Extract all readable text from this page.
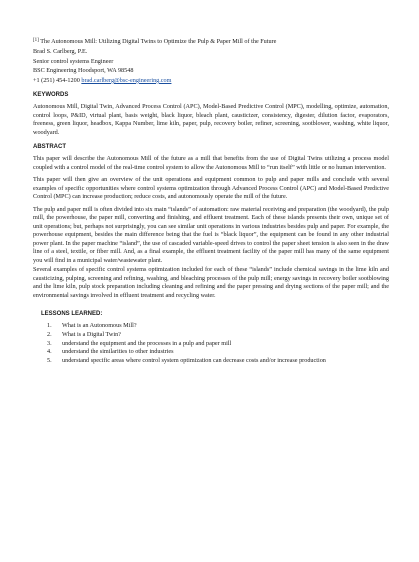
[1] The Autonomous Mill: Utilizing Digital Twins to Optimize the Pulp & Paper Mill of the Future
Brad S. Carlberg, P.E.
Senior control systems Engineer
BSC Engineering Hoodsport, WA 98548
+1 (251) 454-1200 brad.carlberg@bsc-engineering.com
KEYWORDS

Autonomous Mill, Digital Twin, Advanced Process Control (APC), Model-Based Predictive Control (MPC), modelling, optimize, automation, control loops, P&ID, virtual plant, basis weight, black liquor, bleach plant, causticizer, consistency, digester, dilution factor, evaporators, freeness, green liquor, headbox, Kappa Number, lime kiln, paper, pulp, recovery boiler, refiner, screening, sootblower, washing, white liquor, woodyard.

ABSTRACT

This paper will describe the Autonomous Mill of the future as a mill that benefits from the use of Digital Twins utilizing a process model coupled with a control model of the real-time control system to allow the Autonomous Mill to “run itself” with little or no human intervention.

This paper will then give an overview of the unit operations and equipment common to pulp and paper mills and conclude with several examples of specific opportunities where control systems optimization through Advanced Process Control (APC) and Model-Based Predictive Control (MPC) can increase production; reduce costs, and autonomously operate the mill of the future.

The pulp and paper mill is often divided into six main “islands” of automation: raw material receiving and preparation (the woodyard), the pulp mill, the powerhouse, the paper mill, converting and finishing, and effluent treatment. Each of these islands presents their own, unique set of unit operations; but, perhaps not surprisingly, you can see similar unit operations in various industries besides pulp and paper. For example, the powerhouse equipment, besides the main difference being that the fuel is “black liquor”, the equipment can be found in any other industrial power plant. In the paper machine “island”, the use of cascaded variable-speed drives to control the paper sheet tension is also seen in the draw line of a steel, textile, or fiber mill. And, as a final example, the effluent treatment facility of the paper mill has many of the same equipment you will find in a municipal water/wastewater plant.

Several examples of specific control systems optimization included for each of these “islands” include chemical savings in the lime kiln and causticizing, pulping, screening and refining, washing, and bleaching processes of the pulp mill; energy savings in recovery boiler sootblowing and the lime kiln, pulp stock preparation including cleaning and refining and the paper pressing and drying sections of the paper mill; and the environmental savings involved in effluent treatment and recycling water.

LESSONS LEARNED:
1. What is an Autonomous Mill?
2. What is a Digital Twin?
3. understand the equipment and the processes in a pulp and paper mill
4. understand the similarities to other industries
5. understand specific areas where control system optimization can decrease costs and/or increase production
